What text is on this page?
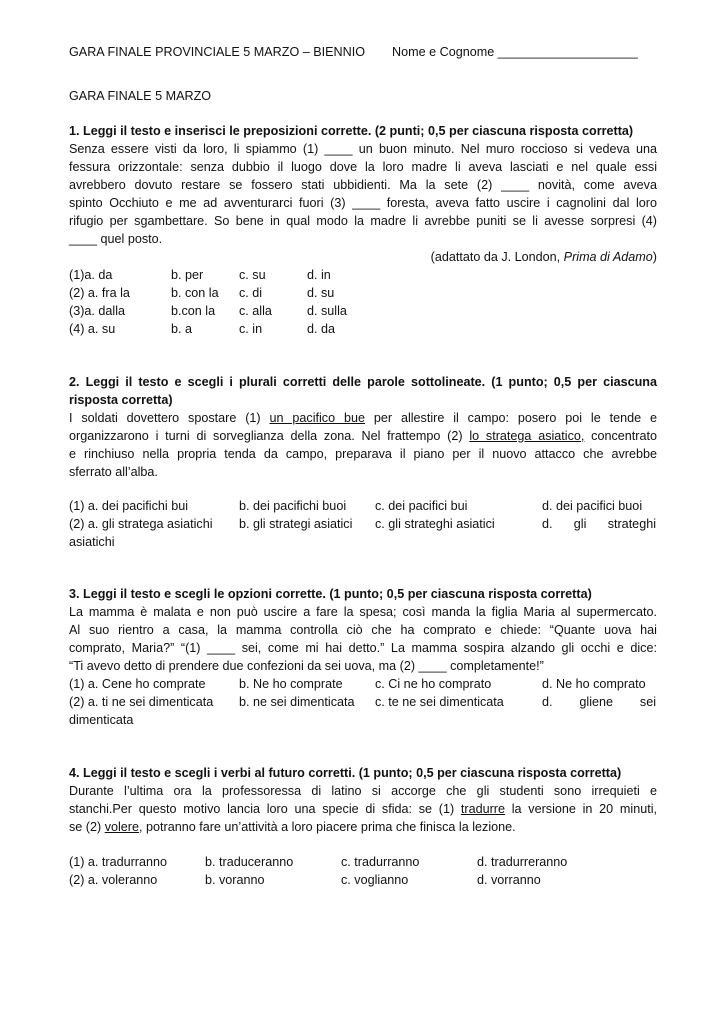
GARA FINALE PROVINCIALE 5 MARZO – BIENNIO	Nome e Cognome ____________________
GARA FINALE 5 MARZO
1. Leggi il testo e inserisci le preposizioni corrette. (2 punti; 0,5 per ciascuna risposta corretta)
Senza essere visti da loro, li spiammo (1) ____ un buon minuto. Nel muro roccioso si vedeva una
fessura orizzontale: senza dubbio il luogo dove la loro madre li aveva lasciati e nel quale essi
avrebbero dovuto restare se fossero stati ubbidienti. Ma la sete (2) ____ novità, come aveva
spinto Occhiuto e me ad avventurarci fuori (3) ____ foresta, aveva fatto uscire i cagnolini dal loro
rifugio per sgambettare. So bene in qual modo la madre li avrebbe puniti se li avesse sorpresi (4)
____ quel posto.
(adattato da J. London, Prima di Adamo)
(1)a. da	b. per	c. su	d. in
(2) a. fra la	b. con la c. di	d. su
(3)a. dalla	b.con la c. alla	d. sulla
(4) a. su	b. a	c. in	d. da
2. Leggi il testo e scegli i plurali corretti delle parole sottolineate. (1 punto; 0,5 per ciascuna
risposta corretta)
I soldati dovettero spostare (1) un pacifico bue per allestire il campo: posero poi le tende e
organizzarono i turni di sorveglianza della zona. Nel frattempo (2) lo stratega asiatico, concentrato
e rinchiuso nella propria tenda da campo, preparava il piano per il nuovo attacco che avrebbe
sferrato all’alba.
(1) a. dei pacifichi bui	b. dei pacifichi buoi c. dei pacifici bui	d. dei pacifici buoi
(2) a. gli stratega asiatichi b. gli strategi asiatici c. gli strateghi asiatici	d. gli strateghi
asiatichi
3. Leggi il testo e scegli le opzioni corrette. (1 punto; 0,5 per ciascuna risposta corretta)
La mamma è malata e non può uscire a fare la spesa; così manda la figlia Maria al supermercato.
Al suo rientro a casa, la mamma controlla ciò che ha comprato e chiede: “Quante uova hai
comprato, Maria?” “(1) ____ sei, come mi hai detto.” La mamma sospira alzando gli occhi e dice:
“Ti avevo detto di prendere due confezioni da sei uova, ma (2) ____ completamente!”
(1) a. Cene ho comprate	b. Ne ho comprate	c. Ci ne ho comprato	d. Ne ho comprato
(2) a. ti ne sei dimenticata b. ne sei dimenticata c. te ne sei dimenticata	d. gliene sei
dimenticata
4. Leggi il testo e scegli i verbi al futuro corretti. (1 punto; 0,5 per ciascuna risposta corretta)
Durante l’ultima ora la professoressa di latino si accorge che gli studenti sono irrequieti e
stanchi.Per questo motivo lancia loro una specie di sfida: se (1) tradurre la versione in 20 minuti,
se (2) volere, potranno fare un’attività a loro piacere prima che finisca la lezione.
(1) a. tradurranno	b. traduceranno	c. tradurranno	d. tradurreranno
(2) a. voleranno	b. voranno	c. voglianno	d. vorranno
